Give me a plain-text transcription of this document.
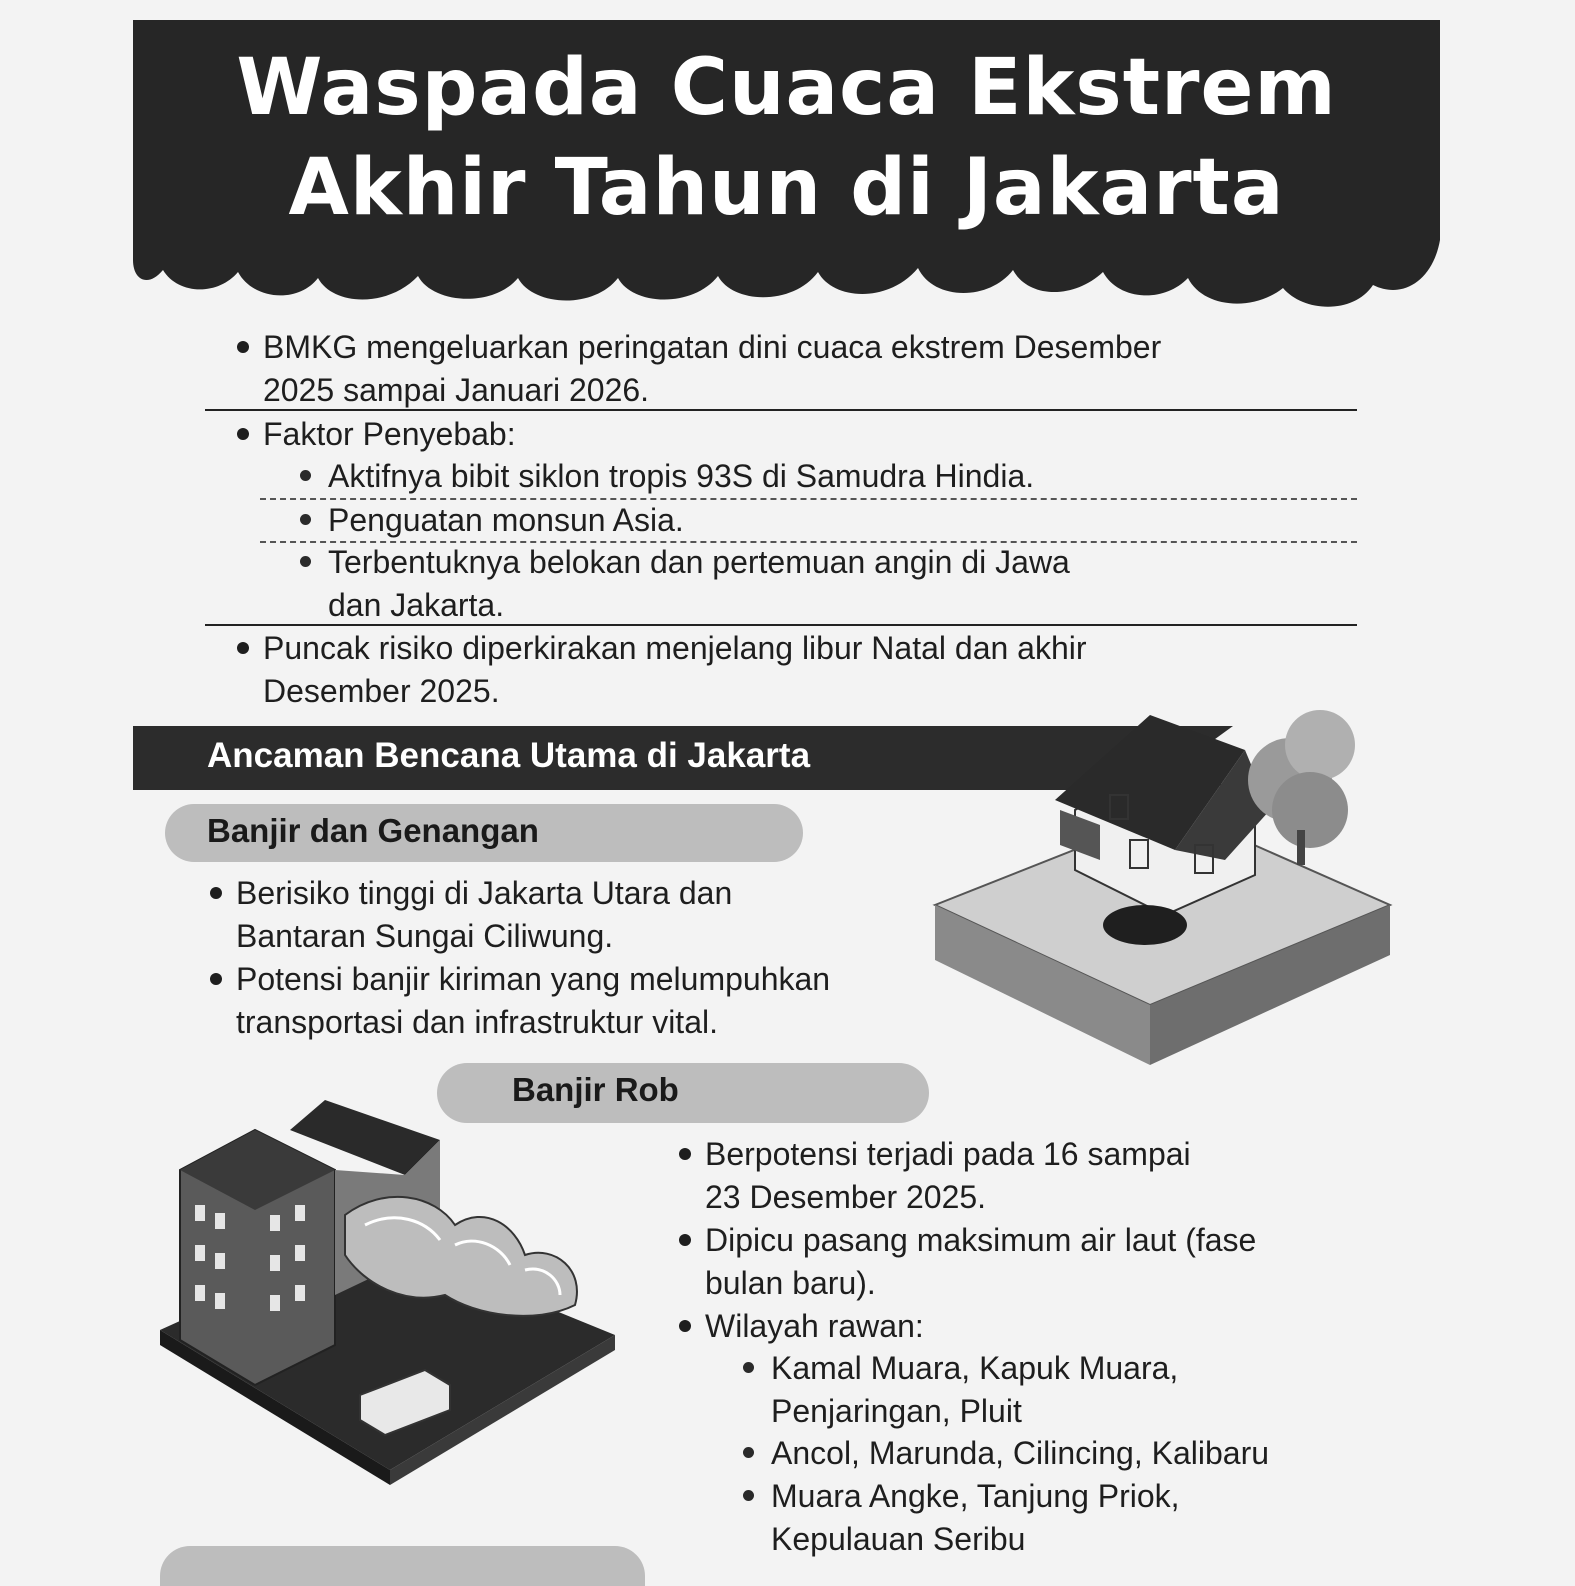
Waspada Cuaca Ekstrem
Akhir Tahun di Jakarta
BMKG mengeluarkan peringatan dini cuaca ekstrem Desember
2025 sampai Januari 2026.
Faktor Penyebab:
Aktifnya bibit siklon tropis 93S di Samudra Hindia.
Penguatan monsun Asia.
Terbentuknya belokan dan pertemuan angin di Jawa
dan Jakarta.
Puncak risiko diperkirakan menjelang libur Natal dan akhir
Desember 2025.
Ancaman Bencana Utama di Jakarta
Banjir dan Genangan
Berisiko tinggi di Jakarta Utara dan
Bantaran Sungai Ciliwung.
Potensi banjir kiriman yang melumpuhkan
transportasi dan infrastruktur vital.
Banjir Rob
Berpotensi terjadi pada 16 sampai
23 Desember 2025.
Dipicu pasang maksimum air laut (fase
bulan baru).
Wilayah rawan:
Kamal Muara, Kapuk Muara,
Penjaringan, Pluit
Ancol, Marunda, Cilincing, Kalibaru
Muara Angke, Tanjung Priok,
Kepulauan Seribu
